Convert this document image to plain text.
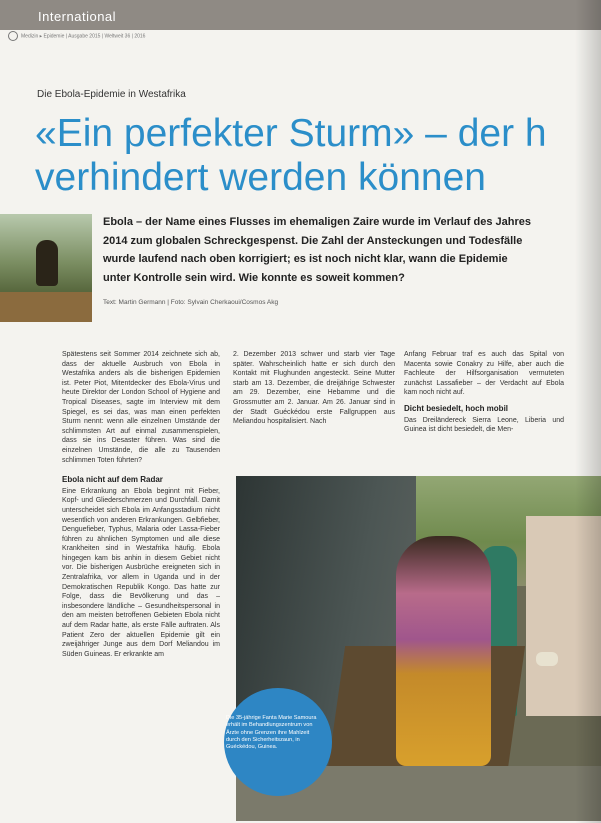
International
Medizin ▸ Epidemie | Ausgabe 2015 | Weltweit 36 | 2016
Die Ebola-Epidemie in Westafrika
«Ein perfekter Sturm» – der h
verhindert werden können
Ebola – der Name eines Flusses im ehemaligen Zaire wurde im Verlauf des Jahres 2014 zum globalen Schreckgespenst. Die Zahl der Ansteckungen und Todesfälle wurde laufend nach oben korrigiert; es ist noch nicht klar, wann die Epidemie unter Kontrolle sein wird. Wie konnte es soweit kommen?
Text: Martin Germann | Foto: Sylvain Cherkaoui/Cosmos Akg

Spätestens seit Sommer 2014 zeichnete sich ab, dass der aktuelle Ausbruch von Ebola in Westafrika anders als die bisherigen Epidemien ist. Peter Piot, Mitentdecker des Ebola-Virus und heute Direktor der London School of Hygiene and Tropical Diseases, sagte im Interview mit dem Spiegel, es sei das, was man einen perfekten Sturm nennt: wenn alle einzelnen Umstände der schlimmsten Art auf einmal zusammenspielen, dass sie ins Desaster führen. Was sind die einzelnen Umstände, die alle zu Tausenden schlimmen Toten führten?

Ebola nicht auf dem Radar

Eine Erkrankung an Ebola beginnt mit Fieber, Kopf- und Gliederschmerzen und Durchfall. Damit unterscheidet sich Ebola im Anfangsstadium nicht wesentlich von anderen Erkrankungen. Gelbfieber, Denguefieber, Typhus, Malaria oder Lassa-Fieber führen zu ähnlichen Symptomen und alle diese Krankheiten sind in Westafrika häufig. Ebola hingegen kam bis anhin in diesem Gebiet nicht vor. Die bisherigen Ausbrüche ereigneten sich in Zentralafrika, vor allem in Uganda und in der Demokratischen Republik Kongo. Das hatte zur Folge, dass die Bevölkerung und das – insbesondere ländliche – Gesundheitspersonal in den am meisten betroffenen Gebieten Ebola nicht auf dem Radar hatte, als erste Fälle auftraten. Als Patient Zero der aktuellen Epidemie gilt ein zweijähriger Junge aus dem Dorf Meliandou im Süden Guineas. Er erkrankte am

2. Dezember 2013 schwer und starb vier Tage später. Wahrscheinlich hatte er sich durch den Kontakt mit Flughunden angesteckt. Seine Mutter starb am 13. Dezember, die dreijährige Schwester am 29. Dezember, eine Hebamme und die Grossmutter am 2. Januar. Am 26. Januar sind in der Stadt Guéckédou erste Fallgruppen aus Meliandou hospitalisiert. Nach

Anfang Februar traf es auch das Spital von Macenta sowie Conakry zu Hilfe, aber auch die Fachleute der Hilfsorganisation vermuteten zunächst Lassafieber – der Verdacht auf Ebola kam noch nicht auf.

Dicht besiedelt, hoch mobil

Das Dreiländereck Sierra Leone, Liberia und Guinea ist dicht besiedelt, die Men-

Die 35-jährige Fanta Marie Samoura erhält im Behandlungszentrum von Ärzte ohne Grenzen ihre Mahlzeit durch den Sicherheitszaun, in Guéckédou, Guinea.
